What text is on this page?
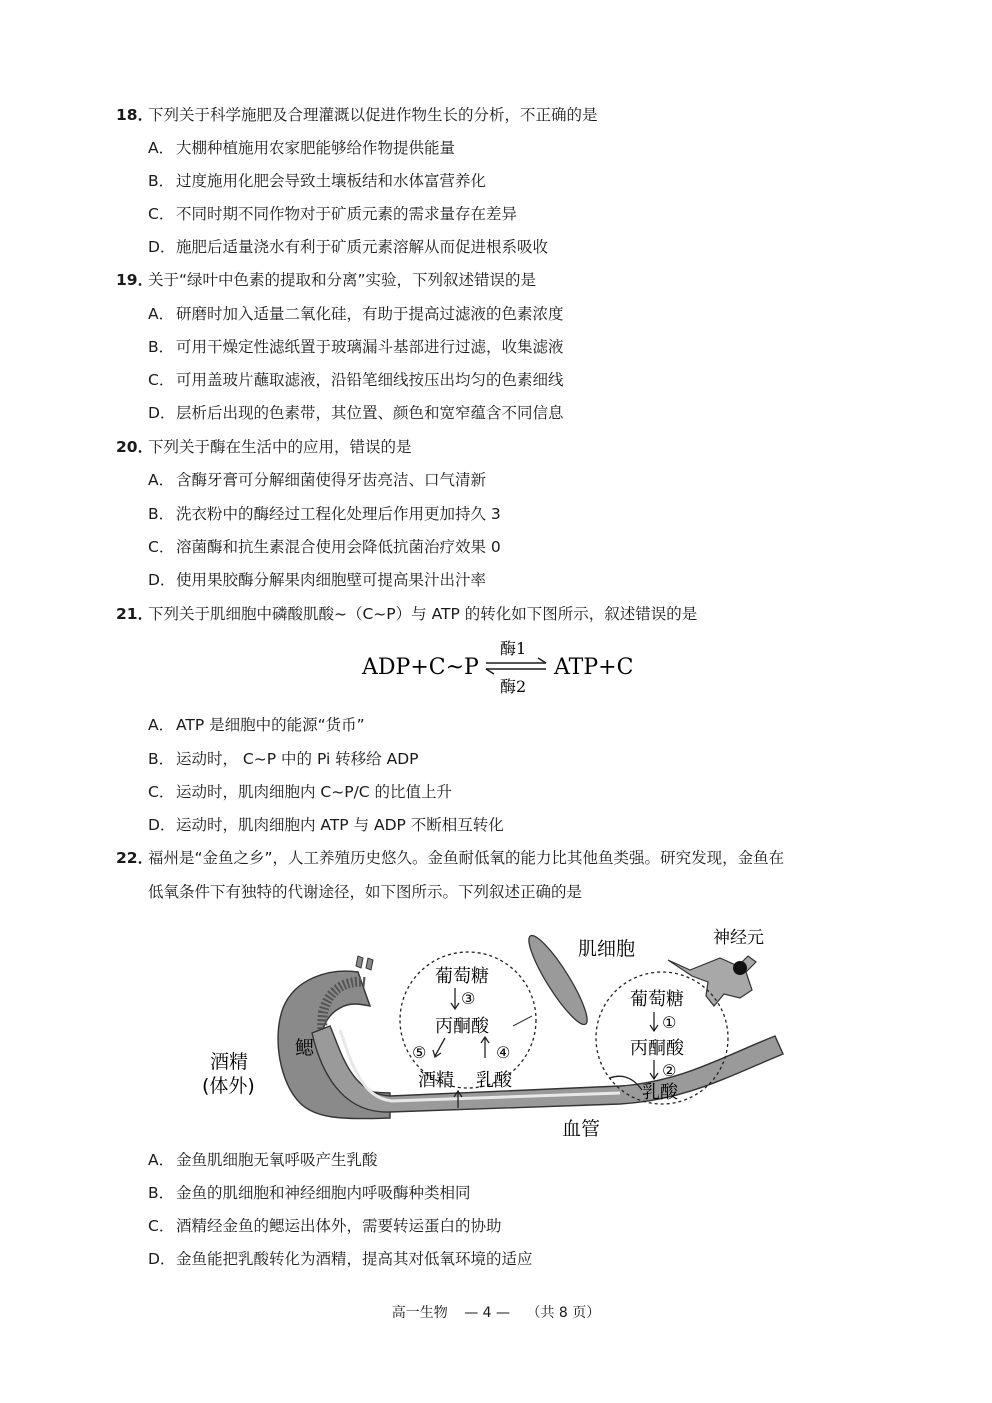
18．下列关于科学施肥及合理灌溉以促进作物生长的分析，不正确的是
A． 大棚种植施用农家肥能够给作物提供能量
B． 过度施用化肥会导致土壤板结和水体富营养化
C． 不同时期不同作物对于矿质元素的需求量存在差异
D．施肥后适量浇水有利于矿质元素溶解从而促进根系吸收
19．关于“绿叶中色素的提取和分离”实验，下列叙述错误的是
A． 研磨时加入适量二氧化硅，有助于提高过滤液的色素浓度
B． 可用干燥定性滤纸置于玻璃漏斗基部进行过滤，收集滤液
C． 可用盖玻片蘸取滤液，沿铅笔细线按压出均匀的色素细线
D．层析后出现的色素带，其位置、颜色和宽窄蕴含不同信息
20．下列关于酶在生活中的应用，错误的是
A． 含酶牙膏可分解细菌使得牙齿亮洁、口气清新
B． 洗衣粉中的酶经过工程化处理后作用更加持久 3
C． 溶菌酶和抗生素混合使用会降低抗菌治疗效果 0
D．使用果胶酶分解果肉细胞壁可提高果汁出汁率
21．下列关于肌细胞中磷酸肌酸~（C~P）与 ATP 的转化如下图所示，叙述错误的是
ADP+C~P
酶1
酶2
ATP+C
A． ATP 是细胞中的能源“货币”
B． 运动时， C~P 中的 Pi 转移给 ADP
C． 运动时，肌肉细胞内 C~P/C 的比值上升
D．运动时，肌肉细胞内 ATP 与 ADP 不断相互转化
22．福州是“金鱼之乡”，人工养殖历史悠久。金鱼耐低氧的能力比其他鱼类强。研究发现，金鱼在
低氧条件下有独特的代谢途径，如下图所示。下列叙述正确的是
肌细胞	神经元
葡萄糖
③
丙酮酸
⑤	④
酒精 乳酸
葡萄糖
①
丙酮酸
②
乳酸
鳃
酒精
(体外)
血管
A． 金鱼肌细胞无氧呼吸产生乳酸
B． 金鱼的肌细胞和神经细胞内呼吸酶种类相同
C． 酒精经金鱼的鳃运出体外，需要转运蛋白的协助
D．金鱼能把乳酸转化为酒精，提高其对低氧环境的适应
高一生物 — 4 — （共 8 页）
